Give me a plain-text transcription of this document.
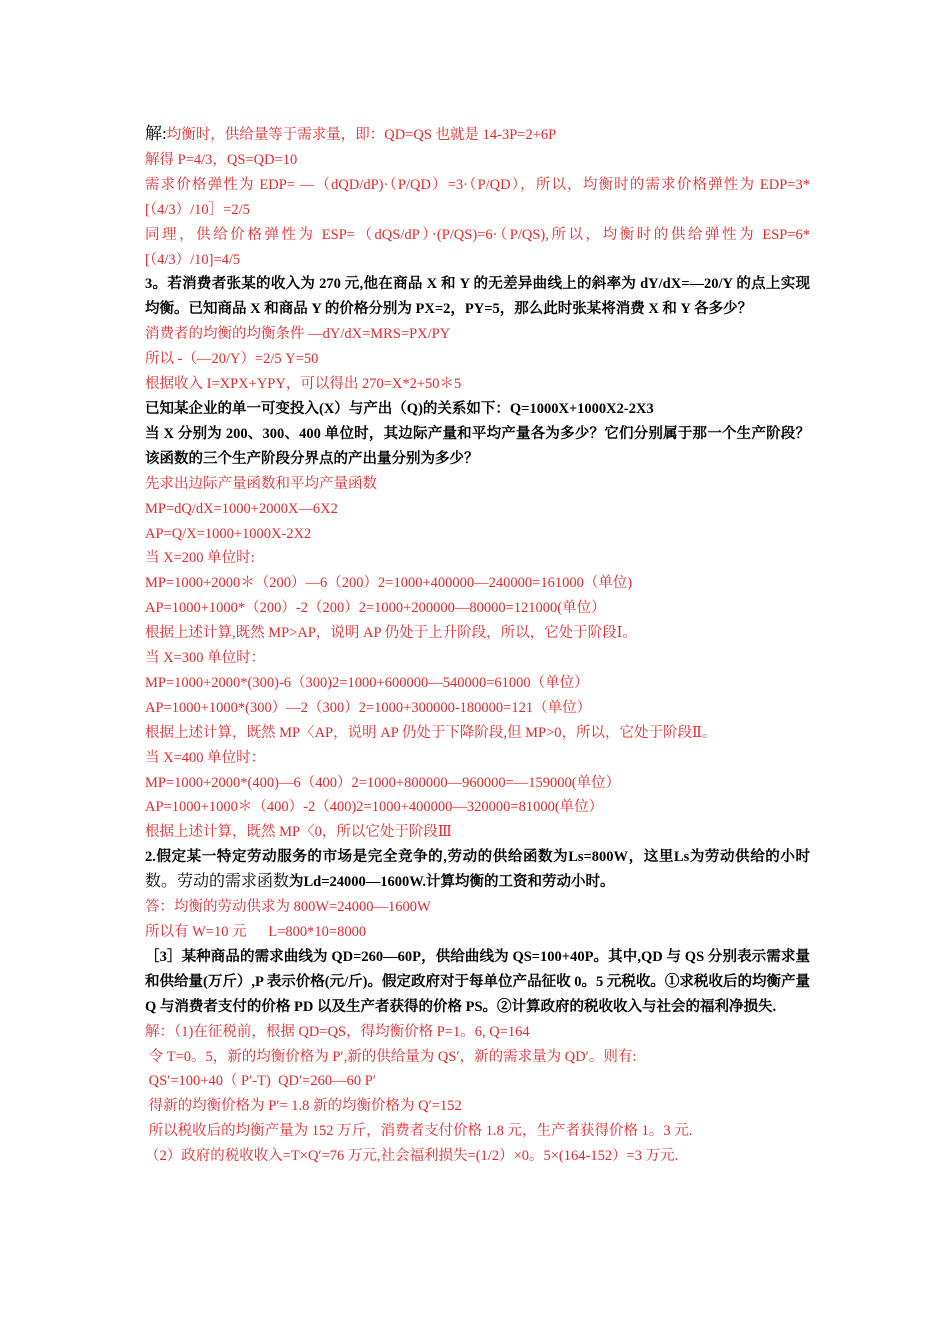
解:均衡时，供给量等于需求量，即：QD=QS 也就是 14-3P=2+6P

解得 P=4/3，QS=QD=10

需求价格弹性为 EDP= —（dQD/dP)·（P/QD）=3·（P/QD），所以，均衡时的需求价格弹性为 EDP=3*[（4/3）/10］=2/5

同理，供给价格弹性为 ESP=（dQS/dP）·(P/QS)=6·（P/QS),所以，均衡时的供给弹性为 ESP=6*[（4/3）/10]=4/5

3。若消费者张某的收入为 270 元,他在商品 X 和 Y 的无差异曲线上的斜率为 dY/dX=—20/Y 的点上实现均衡。已知商品 X 和商品 Y 的价格分别为 PX=2，PY=5，那么此时张某将消费 X 和 Y 各多少？

消费者的均衡的均衡条件 —dY/dX=MRS=PX/PY

所以 -（—20/Y）=2/5 Y=50

根据收入 I=XPX+YPY，可以得出 270=X*2+50＊5

已知某企业的单一可变投入(X）与产出（Q)的关系如下：Q=1000X+1000X2-2X3

当 X 分别为 200、300、400 单位时，其边际产量和平均产量各为多少？它们分别属于那一个生产阶段？该函数的三个生产阶段分界点的产出量分别为多少？

先求出边际产量函数和平均产量函数

MP=dQ/dX=1000+2000X—6X2

AP=Q/X=1000+1000X-2X2

当 X=200 单位时:

MP=1000+2000＊（200）—6（200）2=1000+400000—240000=161000（单位)

AP=1000+1000*（200）-2（200）2=1000+200000—80000=121000(单位）

根据上述计算,既然 MP>AP，说明 AP 仍处于上升阶段，所以，它处于阶段Ⅰ。

当 X=300 单位时：

MP=1000+2000*(300)-6（300)2=1000+600000—540000=61000（单位）

AP=1000+1000*(300）—2（300）2=1000+300000-180000=121（单位）

根据上述计算，既然 MP〈AP，说明 AP 仍处于下降阶段,但 MP>0，所以，它处于阶段Ⅱ。

当 X=400 单位时：

MP=1000+2000*(400)—6（400）2=1000+800000—960000=—159000(单位）

AP=1000+1000＊（400）-2（400)2=1000+400000—320000=81000(单位）

根据上述计算，既然 MP〈0，所以它处于阶段Ⅲ

2.假定某一特定劳动服务的市场是完全竞争的,劳动的供给函数为Ls=800W，这里Ls为劳动供给的小时数。劳动的需求函数为Ld=24000—1600W.计算均衡的工资和劳动小时。

答：均衡的劳动供求为 800W=24000—1600W

所以有 W=10 元      L=800*10=8000

［3］某种商品的需求曲线为 QD=260—60P，供给曲线为 QS=100+40P。其中,QD 与 QS 分别表示需求量和供给量(万斤）,P 表示价格(元/斤)。假定政府对于每单位产品征收 0。5 元税收。①求税收后的均衡产量 Q 与消费者支付的价格 PD 以及生产者获得的价格 PS。②计算政府的税收收入与社会的福利净损失.

解：（1)在征税前，根据 QD=QS，得均衡价格 P=1。6, Q=164

令 T=0。5，新的均衡价格为 P′,新的供给量为 QS′，新的需求量为 QD′。则有:

QS′=100+40（ P′-T)  QD′=260—60 P′

得新的均衡价格为 P′= 1.8 新的均衡价格为 Q′=152

所以税收后的均衡产量为 152 万斤，消费者支付价格 1.8 元，生产者获得价格 1。3 元.

（2）政府的税收收入=T×Q′=76 万元,社会福利损失=(1/2）×0。5×(164-152）=3 万元.
